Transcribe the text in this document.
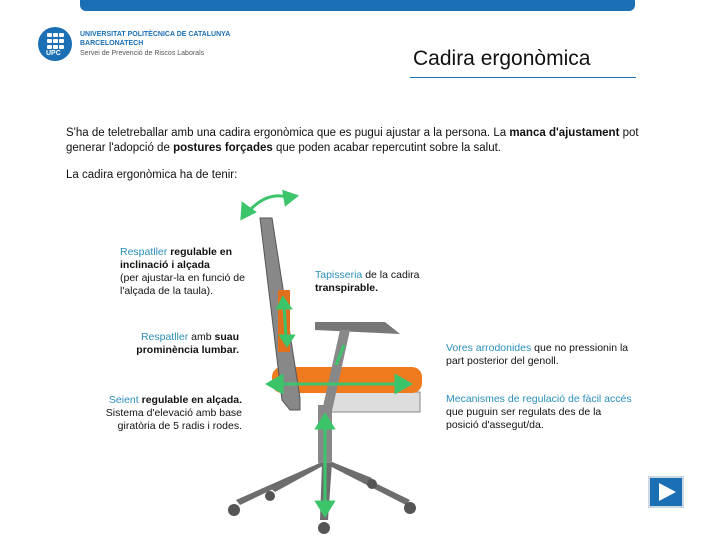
UPC
UNIVERSITAT POLITÈCNICA DE CATALUNYA
BARCELONATECH
Servei de Prevenció de Riscos Laborals	Cadira ergonòmica
S'ha de teletreballar amb una cadira ergonòmica que es pugui ajustar a la persona. La manca d'ajustament pot generar l'adopció de postures forçades que poden acabar repercutint sobre la salut.
La cadira ergonòmica ha de tenir:
Respatller regulable en inclinació i alçada
(per ajustar-la en funció de l'alçada de la taula).
Respatller amb suau prominència lumbar.
Seient regulable en alçada.
Sistema d'elevació amb base giratòria de 5 radis i rodes.
Tapisseria de la cadira transpirable.
Vores arrodonides que no pressionin la part posterior del genoll.
Mecanismes de regulació de fàcil accés que puguin ser regulats des de la posició d'assegut/da.
